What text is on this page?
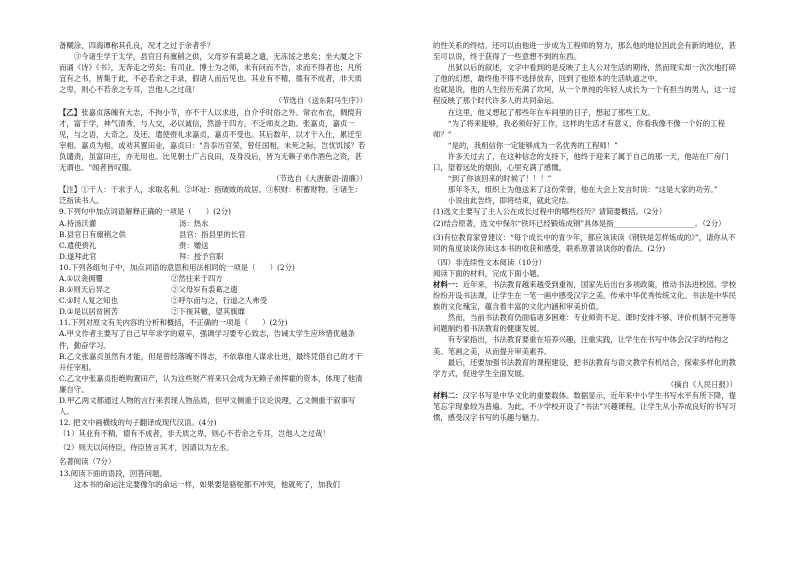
备糊涂，四海谭称其孔良，况才之过于余者乎？

③今诸生学于太学，县官日有廪稍之供，父母岁有裘葛之遗，无冻馁之患矣；坐大厦之下而诵《诗》《书》，无奔走之劳矣；有司业、博士为之师，未有问而不告，求而不得者也；凡所宜有之书，皆集于此，不必若余之手录，假诸人而后见也。其业有不精，德有不成者，非天质之卑，则心不若余之专耳，岂他人之过哉！

（节选自《送东阳马生序》）

【乙】张嘉贞落魄有大志，不拘小节，亦不干人以求进，自介乎时俗之外。常衣布衣，倜傥有才，富于学，神气清秀，与人交，必以诚信，然游于四方，不乏师友之助。张嘉贞，嘉贞一见，与之语，大奇之。及还，遣使赍礼求嘉贞，嘉贞不受也。其后数年，以才干入仕，累迁至宰相。嘉贞为相，或劝其置田业，嘉贞曰："吾忝历官荣，曾任国相，未死之际，岂忧饥馁？若负谴责，虽富田庄，亦无用也。比见朝士广占良田，及身没后，皆为无赖子弟作酒色之资，甚无谓也。"闻者皆叹服。

（节选自《大唐新语·清廉》）

【注】①干人：干求于人，求取名利。②坏址：指破败的故居。③积财：积蓄财物。④诸生：泛指读书人。

9.下列句中加点词语解释正确的一项是（      ）(2分)

A.持汤沃灌	汤：热水
B.县官日有廪稍之供	县官：指县里的长官
C.遣使赍礼	赍：赠送
D.遂拜此官	拜：授予官职

10.下列各组句子中，加点词语的意思和用法相同的一项是（      ）(2分)

A.①以衾拥覆	②然往来于四方
B.①则天后异之	②父母岁有裘葛之遗
C.①时人复之知也	②呼尔而与之，行道之人弗受
D.①是以居贫困苦	②下视其辙，望其旗靡

11.下列对原文有关内容的分析和概括，不正确的一项是（      ）(2分)

A.甲文作者主要写了自己早年求学的艰辛，强调学习要专心致志，告诫太学生应珍惜优越条件，勤奋学习。

B.乙文张嘉贞虽然有才能，但是曾经落魄不得志，不依靠他人谋求仕进，最终凭借自己的才干升任宰相。

C.乙文中张嘉贞拒绝购置田产，认为这些财产将来只会成为无赖子弟挥霍的资本，体现了他清廉自守。

D.甲乙两文都通过人物的言行来表现人物品质，但甲文侧重于议论说理，乙文侧重于叙事写人。

12. 把文中画横线的句子翻译成现代汉语。(4分)

（1）其业有不精，德有不成者，非天质之卑，则心不若余之专耳，岂他人之过哉！

（2）则天以问侍臣，侍臣皆言其才，因请以为左丞。

名著阅读（7分）

13.阅读下面的语段，回答问题。

这本书的命运注定要像尔的命运一样，如果要是骆驼都不冲突，他就死了，加我们

的性关系的终结，还可以由他进一步成为工程师的努力，那么他的地位因此会有新的地位，甚至可以说，终于获得了一些意想不到的东西。

出狱以后的叙述，文字中看到的是反映了主人公对生活的期待，然而现实却一次次地打碎了他的幻想，最终他不得不选择放弃，回到了他原本的生活轨道之中。

也就是说，他的人生经历充满了坎坷，从一个单纯的年轻人成长为一个有担当的男人，这一过程反映了那个时代许多人的共同命运。

在这里，他又想起了那些年在车间里的日子，想起了那些工友。

“为了将来能够，我必须好好工作，这样的生活才有意义，你看我像不像一个好的工程师？”

“是的，我相信你一定能够成为一名优秀的工程师！”

许多天过去了，在这种信念的支持下，他终于迎来了属于自己的那一天，他站在厂房门口，望着远处的烟囱，心里充满了感慨。

“到了你该回来的时候了！！！”

那年冬天，组织上为他送来了这份荣誉，他在大会上发言时说：“这是大家的功劳。”

小说由此告终，即将结束，就此完结。

(1)选文主要写了主人公在成长过程中的哪些经历？请简要概括。（2分）

(2)结合原著，选文中保尔“铁环已经锻炼成钢”具体是指______________________。（2分）

(3)有位教育家曾建议：“每个成长中的青少年，都应该读读《钢铁是怎样炼成的》”，请你从不同的角度谈谈你读这本书的收获和感受，联系原著谈谈你的看法。(2分)

（四）非连续性文本阅读（10分）

阅读下面的材料，完成下面小题。

材料一：近年来，书法教育越来越受到重视，国家先后出台多项政策，推动书法进校园。学校纷纷开设书法课，让学生在一笔一画中感受汉字之美，传承中华优秀传统文化。书法是中华民族的文化瑰宝，蕴含着丰富的文化内涵和审美价值。

然而，当前书法教育仍面临诸多困难：专业师资不足、课时安排不够、评价机制不完善等问题制约着书法教育的健康发展。

有专家指出，书法教育要重在培养兴趣，注重实践，让学生在书写中体会汉字的结构之美、笔画之美，从而提升审美素养。

最后，还要加强书法教育的课程建设，把书法教育与语文教学有机结合，探索多样化的教学方式，促进学生全面发展。

（摘自《人民日报》）

材料二：汉字书写是中华文化的重要载体。数据显示，近年来中小学生书写水平有所下降，提笔忘字现象较为普遍。为此，不少学校开设了“书法”兴趣课程，让学生从小养成良好的书写习惯，感受汉字书写的乐趣与魅力。
